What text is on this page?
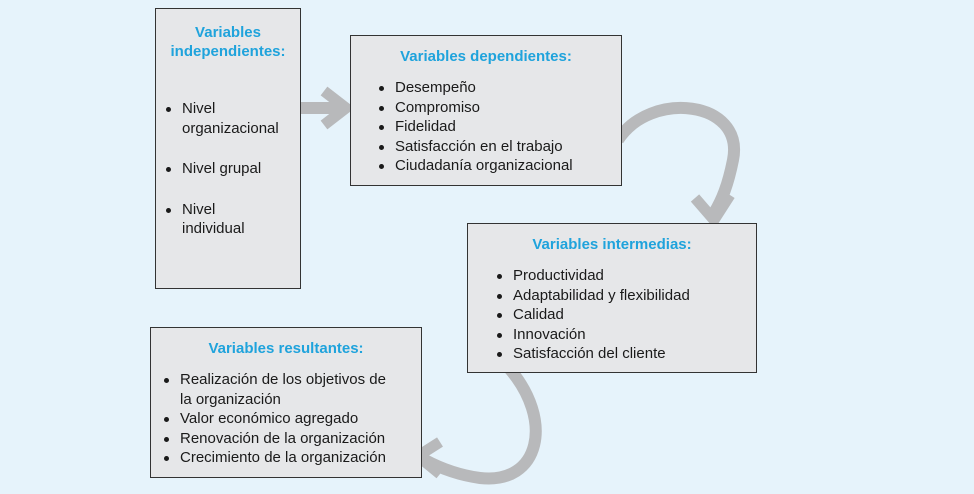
Variables
independientes:
Nivel
organizacional
Nivel grupal
Nivel
individual
Variables dependientes:
Desempeño
Compromiso
Fidelidad
Satisfacción en el trabajo
Ciudadanía organizacional
Variables intermedias:
Productividad
Adaptabilidad y flexibilidad
Calidad
Innovación
Satisfacción del cliente
Variables resultantes:
Realización de los objetivos de
la organización
Valor económico agregado
Renovación de la organización
Crecimiento de la organización
